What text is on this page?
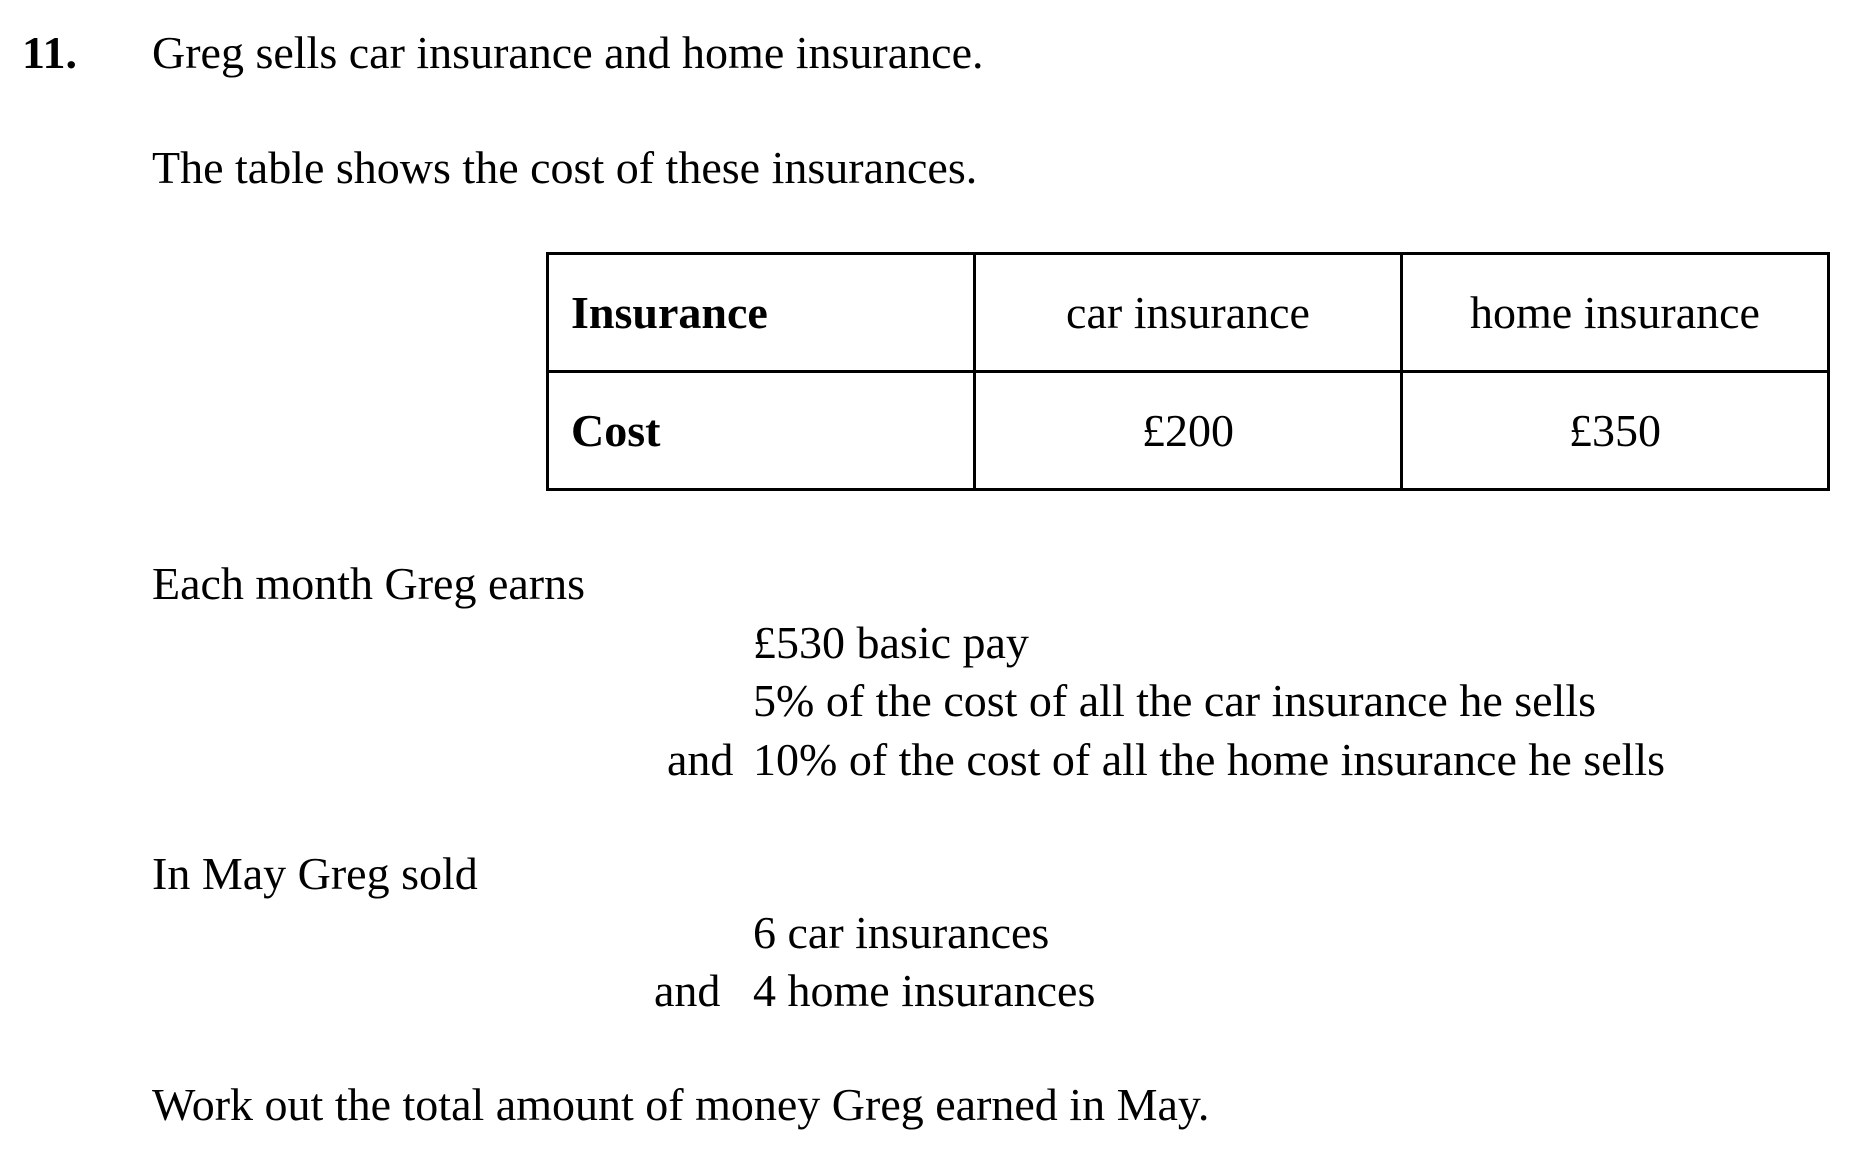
11. Greg sells car insurance and home insurance.
The table shows the cost of these insurances.
Insurance	car insurance	home insurance
Cost	£200	£350
Each month Greg earns
£530 basic pay
5% of the cost of all the car insurance he sells
and 10% of the cost of all the home insurance he sells
In May Greg sold
6 car insurances
and 4 home insurances
Work out the total amount of money Greg earned in May.
